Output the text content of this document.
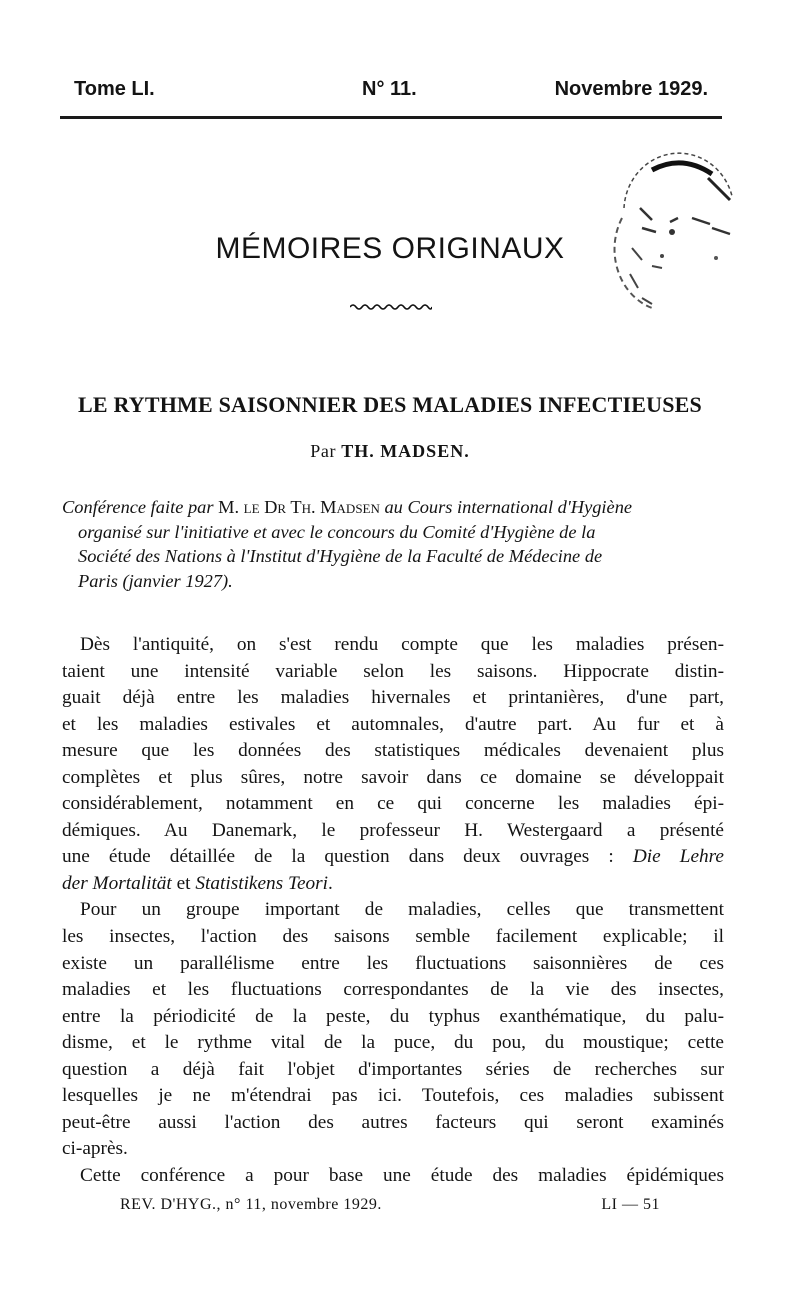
Tome LI.	N° 11.	Novembre 1929.
MÉMOIRES ORIGINAUX
LE RYTHME SAISONNIER DES MALADIES INFECTIEUSES
Par TH. MADSEN.
Conférence faite par M. le Dr Th. Madsen au Cours international d'Hygiène
organisé sur l'initiative et avec le concours du Comité d'Hygiène de la
Société des Nations à l'Institut d'Hygiène de la Faculté de Médecine de
Paris (janvier 1927).
Dès l'antiquité, on s'est rendu compte que les maladies présen-
taient une intensité variable selon les saisons. Hippocrate distin-
guait déjà entre les maladies hivernales et printanières, d'une part,
et les maladies estivales et automnales, d'autre part. Au fur et à
mesure que les données des statistiques médicales devenaient plus
complètes et plus sûres, notre savoir dans ce domaine se développait
considérablement, notamment en ce qui concerne les maladies épi-
démiques. Au Danemark, le professeur H. Westergaard a présenté
une étude détaillée de la question dans deux ouvrages : Die Lehre
der Mortalität et Statistikens Teori.
Pour un groupe important de maladies, celles que transmettent
les insectes, l'action des saisons semble facilement explicable; il
existe un parallélisme entre les fluctuations saisonnières de ces
maladies et les fluctuations correspondantes de la vie des insectes,
entre la périodicité de la peste, du typhus exanthématique, du palu-
disme, et le rythme vital de la puce, du pou, du moustique; cette
question a déjà fait l'objet d'importantes séries de recherches sur
lesquelles je ne m'étendrai pas ici. Toutefois, ces maladies subissent
peut-être aussi l'action des autres facteurs qui seront examinés
ci-après.
Cette conférence a pour base une étude des maladies épidémiques
REV. D'HYG., n° 11, novembre 1929.	LI — 51
